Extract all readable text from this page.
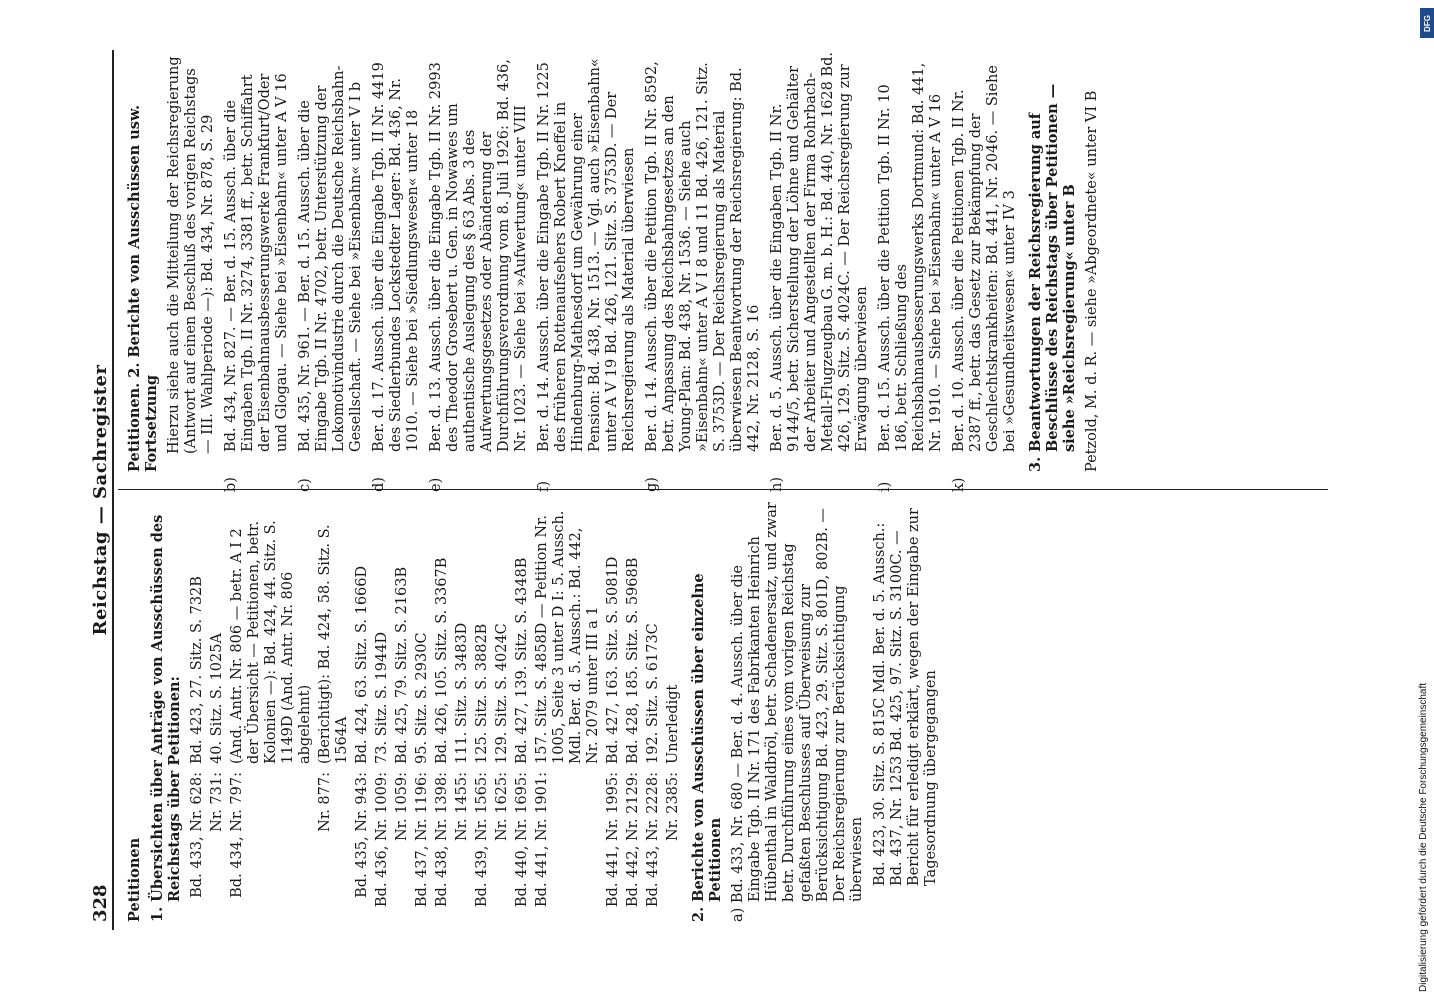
328
Reichstag — Sachregister

Petitionen 1. Übersichten über Anträge von Ausschüssen des Reichstags über Petitionen: Bd. 433, Nr. 628:
Bd. 423, 27. Sitz. S. 732B
Nr. 731:
40. Sitz. S. 1025A
Bd. 434, Nr. 797:
(And. Antr. Nr. 806 — betr. A I 2 der Übersicht — Petitionen, betr. Kolonien —): Bd. 424, 44. Sitz. S. 1149D (And. Antr. Nr. 806 abgelehnt)
Nr. 877:
(Berichtigt): Bd. 424, 58. Sitz. S. 1564A
Bd. 435, Nr. 943:
Bd. 424, 63. Sitz. S. 1666D
Bd. 436, Nr. 1009:
73. Sitz. S. 1944D
Nr. 1059:
Bd. 425, 79. Sitz. S. 2163B
Bd. 437, Nr. 1196:
95. Sitz. S. 2930C
Bd. 438, Nr. 1398:
Bd. 426, 105. Sitz. S. 3367B
Nr. 1455:
111. Sitz. S. 3483D
Bd. 439, Nr. 1565:
125. Sitz. S. 3882B
Nr. 1625:
129. Sitz. S. 4024C
Bd. 440, Nr. 1695:
Bd. 427, 139. Sitz. S. 4348B
Bd. 441, Nr. 1901:
157. Sitz. S. 4858D — Petition Nr. 1005, Seite 3 unter D I: 5. Aussch. Mdl. Ber. d. 5. Aussch.: Bd. 442, Nr. 2079 unter III a 1
Bd. 441, Nr. 1995:
Bd. 427, 163. Sitz. S. 5081D
Bd. 442, Nr. 2129:
Bd. 428, 185. Sitz. S. 5968B
Bd. 443, Nr. 2228:
192. Sitz. S. 6173C
Nr. 2385:
Unerledigt 2. Berichte von Ausschüssen über einzelne Petitionen a) Bd. 433, Nr. 680 — Ber. d. 4. Aussch. über die Eingabe Tgb. II Nr. 171 des Fabrikanten Heinrich Hübenthal in Waldbröl, betr. Schadenersatz, und zwar betr. Durchführung eines vom vorigen Reichstag gefaßten Beschlusses auf Überweisung zur Berücksichtigung Bd. 423, 29. Sitz. S. 801D, 802B. — Der Reichsregierung zur Berücksichtigung überwiesen Bd. 423, 30. Sitz. S. 815C Mdl. Ber. d. 5. Aussch.: Bd. 437, Nr. 1253 Bd. 425, 97. Sitz. S. 3100C. — Bericht für erledigt erklärt, wegen der Eingabe zur Tagesordnung übergegangen

Petitionen. 2. Berichte von Ausschüssen usw. Fortsetzung Hierzu siehe auch die Mitteilung der Reichsregierung (Antwort auf einen Beschluß des vorigen Reichstags — III. Wahlperiode —): Bd. 434, Nr. 878, S. 29

b)Bd. 434, Nr. 827. — Ber. d. 15. Aussch. über die Eingaben Tgb. II Nr. 3274, 3381 ff., betr. Schiffahrt der Eisenbahnausbesserungswerke Frankfurt/Oder und Glogau. — Siehe bei »Eisenbahn« unter A V 16

c)Bd. 435, Nr. 961. — Ber. d. 15. Aussch. über die Eingabe Tgb. II Nr. 4702, betr. Unterstützung der Lokomotivindustrie durch die Deutsche Reichsbahn-Gesellschaft. — Siehe bei »Eisenbahn« unter V I b

d)Ber. d. 17. Aussch. über die Eingabe Tgb. II Nr. 4419 des Siedlerbundes Lockstedter Lager: Bd. 436, Nr. 1010. — Siehe bei »Siedlungswesen« unter 18

e)Ber. d. 13. Aussch. über die Eingabe Tgb. II Nr. 2993 des Theodor Grosebert u. Gen. in Nowawes um authentische Auslegung des § 63 Abs. 3 des Aufwertungsgesetzes oder Abänderung der Durchführungsverordnung vom 8. Juli 1926: Bd. 436, Nr. 1023. — Siehe bei »Aufwertung« unter VIII

f)Ber. d. 14. Aussch. über die Eingabe Tgb. II Nr. 1225 des früheren Rottenaufsehers Robert Kneffel in Hindenburg-Mathesdorf um Gewährung einer Pension: Bd. 438, Nr. 1513. — Vgl. auch »Eisenbahn« unter A V 19 Bd. 426, 121. Sitz. S. 3753D. — Der Reichsregierung als Material überwiesen

g)Ber. d. 14. Aussch. über die Petition Tgb. II Nr. 8592, betr. Anpassung des Reichsbahngesetzes an den Young-Plan: Bd. 438, Nr. 1536. — Siehe auch »Eisenbahn« unter A V I 8 und 11 Bd. 426, 121. Sitz. S. 3753D. — Der Reichsregierung als Material überwiesen Beantwortung der Reichsregierung: Bd. 442, Nr. 2128, S. 16

h)Ber. d. 5. Aussch. über die Eingaben Tgb. II Nr. 9144/5, betr. Sicherstellung der Löhne und Gehälter der Arbeiter und Angestellten der Firma Rohrbach-Metall-Flugzeugbau G. m. b. H.: Bd. 440, Nr. 1628 Bd. 426, 129. Sitz. S. 4024C. — Der Reichsregierung zur Erwägung überwiesen

i)Ber. d. 15. Aussch. über die Petition Tgb. II Nr. 10 186, betr. Schließung des Reichsbahnausbesserungswerks Dortmund: Bd. 441, Nr. 1910. — Siehe bei »Eisenbahn« unter A V 16

k)Ber. d. 10. Aussch. über die Petitionen Tgb. II Nr. 2387 ff., betr. das Gesetz zur Bekämpfung der Geschlechtskrankheiten: Bd. 441, Nr. 2046. — Siehe bei »Gesundheitswesen« unter IV 3 3. Beantwortungen der Reichsregierung auf Beschlüsse des Reichstags über Petitionen — siehe »Reichsregierung« unter B Petzold, M. d. R. — siehe »Abgeordnete« unter VI B

Digitalisierung gefördert durch die Deutsche Forschungsgemeinschaft
DFG
